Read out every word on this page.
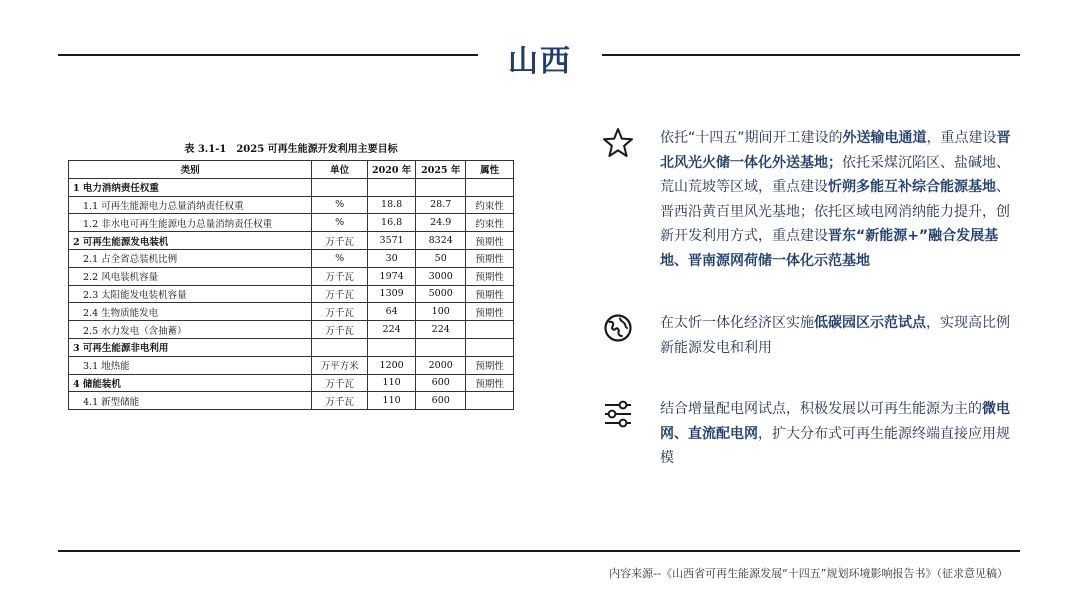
山西
表 3.1-1　2025 可再生能源开发利用主要目标
类别	单位	2020 年	2025 年	属性
1 电力消纳责任权重				
1.1 可再生能源电力总量消纳责任权重	%	18.8	28.7	约束性
1.2 非水电可再生能源电力总量消纳责任权重	%	16.8	24.9	约束性
2 可再生能源发电装机	万千瓦	3571	8324	预期性
2.1 占全省总装机比例	%	30	50	预期性
2.2 风电装机容量	万千瓦	1974	3000	预期性
2.3 太阳能发电装机容量	万千瓦	1309	5000	预期性
2.4 生物质能发电	万千瓦	64	100	预期性
2.5 水力发电（含抽蓄）	万千瓦	224	224	
3 可再生能源非电利用				
3.1 地热能	万平方米	1200	2000	预期性
4 储能装机	万千瓦	110	600	预期性
4.1 新型储能	万千瓦	110	600	
依托“十四五”期间开工建设的外送输电通道，重点建设晋北风光火储一体化外送基地；依托采煤沉陷区、盐碱地、荒山荒坡等区域，重点建设忻朔多能互补综合能源基地、晋西沿黄百里风光基地；依托区域电网消纳能力提升，创新开发利用方式，重点建设晋东“新能源+”融合发展基地、晋南源网荷储一体化示范基地
在太忻一体化经济区实施低碳园区示范试点，实现高比例新能源发电和利用
结合增量配电网试点，积极发展以可再生能源为主的微电网、直流配电网，扩大分布式可再生能源终端直接应用规模
内容来源--《山西省可再生能源发展“十四五”规划环境影响报告书》（征求意见稿）
